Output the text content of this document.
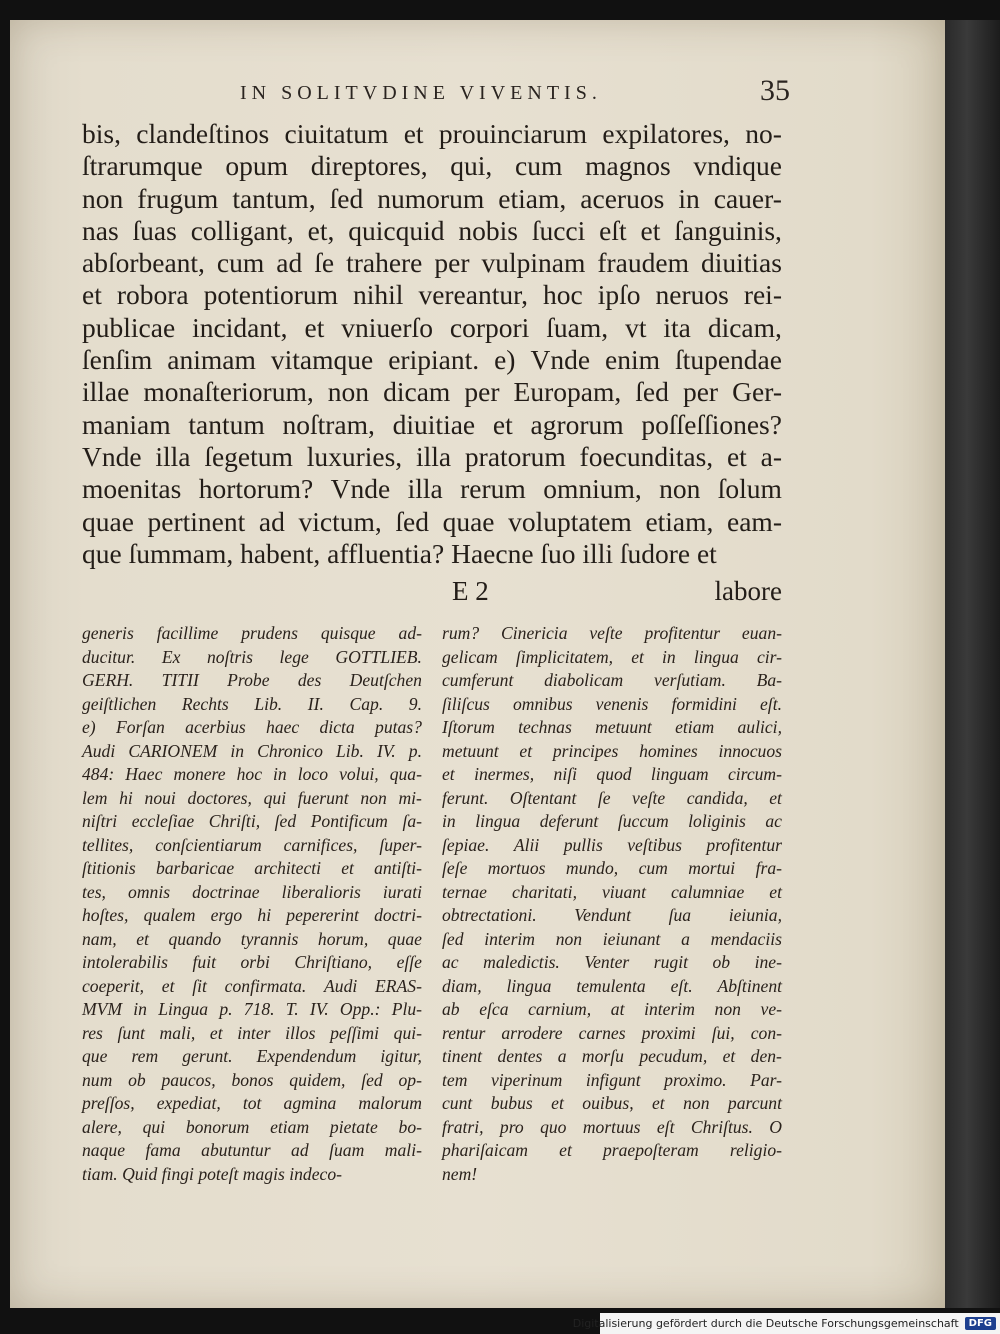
IN SOLITVDINE VIVENTIS.	35
bis, clandeſtinos ciuitatum et prouinciarum expilatores, no-
ſtrarumque opum direptores, qui, cum magnos vndique
non frugum tantum, ſed numorum etiam, aceruos in cauer-
nas ſuas colligant, et, quicquid nobis ſucci eſt et ſanguinis,
abſorbeant, cum ad ſe trahere per vulpinam fraudem diuitias
et robora potentiorum nihil vereantur, hoc ipſo neruos rei-
publicae incidant, et vniuerſo corpori ſuam, vt ita dicam,
ſenſim animam vitamque eripiant. e) Vnde enim ſtupendae
illae monaſteriorum, non dicam per Europam, ſed per Ger-
maniam tantum noſtram, diuitiae et agrorum poſſeſſiones?
Vnde illa ſegetum luxuries, illa pratorum foecunditas, et a-
moenitas hortorum? Vnde illa rerum omnium, non ſolum
quae pertinent ad victum, ſed quae voluptatem etiam, eam-
que ſummam, habent, affluentia? Haecne ſuo illi ſudore et
E 2	labore
generis facillime prudens quisque ad-
ducitur. Ex noſtris lege GOTTLIEB.
GERH. TITII Probe des Deutſchen
geiſtlichen Rechts Lib. II. Cap. 9.
e) Forſan acerbius haec dicta putas?
Audi CARIONEM in Chronico Lib. IV. p.
484: Haec monere hoc in loco volui, qua-
lem hi noui doctores, qui fuerunt non mi-
niſtri eccleſiae Chriſti, ſed Pontificum ſa-
tellites, conſcientiarum carnifices, ſuper-
ſtitionis barbaricae architecti et antiſti-
tes, omnis doctrinae liberalioris iurati
hoſtes, qualem ergo hi pepererint doctri-
nam, et quando tyrannis horum, quae
intolerabilis fuit orbi Chriſtiano, eſſe
coeperit, et ſit confirmata. Audi ERAS-
MVM in Lingua p. 718. T. IV. Opp.: Plu-
res ſunt mali, et inter illos peſſimi qui-
que rem gerunt. Expendendum igitur,
num ob paucos, bonos quidem, ſed op-
preſſos, expediat, tot agmina malorum
alere, qui bonorum etiam pietate bo-
naque fama abutuntur ad ſuam mali-
tiam. Quid fingi poteſt magis indeco-
rum? Cinericia veſte profitentur euan-
gelicam ſimplicitatem, et in lingua cir-
cumferunt diabolicam verſutiam. Ba-
ſiliſcus omnibus venenis formidini eſt.
Iſtorum technas metuunt etiam aulici,
metuunt et principes homines innocuos
et inermes, niſi quod linguam circum-
ferunt. Oſtentant ſe veſte candida, et
in lingua deferunt ſuccum loliginis ac
ſepiae. Alii pullis veſtibus profitentur
ſeſe mortuos mundo, cum mortui fra-
ternae charitati, viuant calumniae et
obtrectationi. Vendunt ſua ieiunia,
ſed interim non ieiunant a mendaciis
ac maledictis. Venter rugit ob ine-
diam, lingua temulenta eſt. Abſtinent
ab eſca carnium, at interim non ve-
rentur arrodere carnes proximi ſui, con-
tinent dentes a morſu pecudum, et den-
tem viperinum infigunt proximo. Par-
cunt bubus et ouibus, et non parcunt
fratri, pro quo mortuus eſt Chriſtus. O
phariſaicam et praepoſteram religio-
nem!
Digitalisierung gefördert durch die Deutsche Forschungsgemeinschaft	DFG
